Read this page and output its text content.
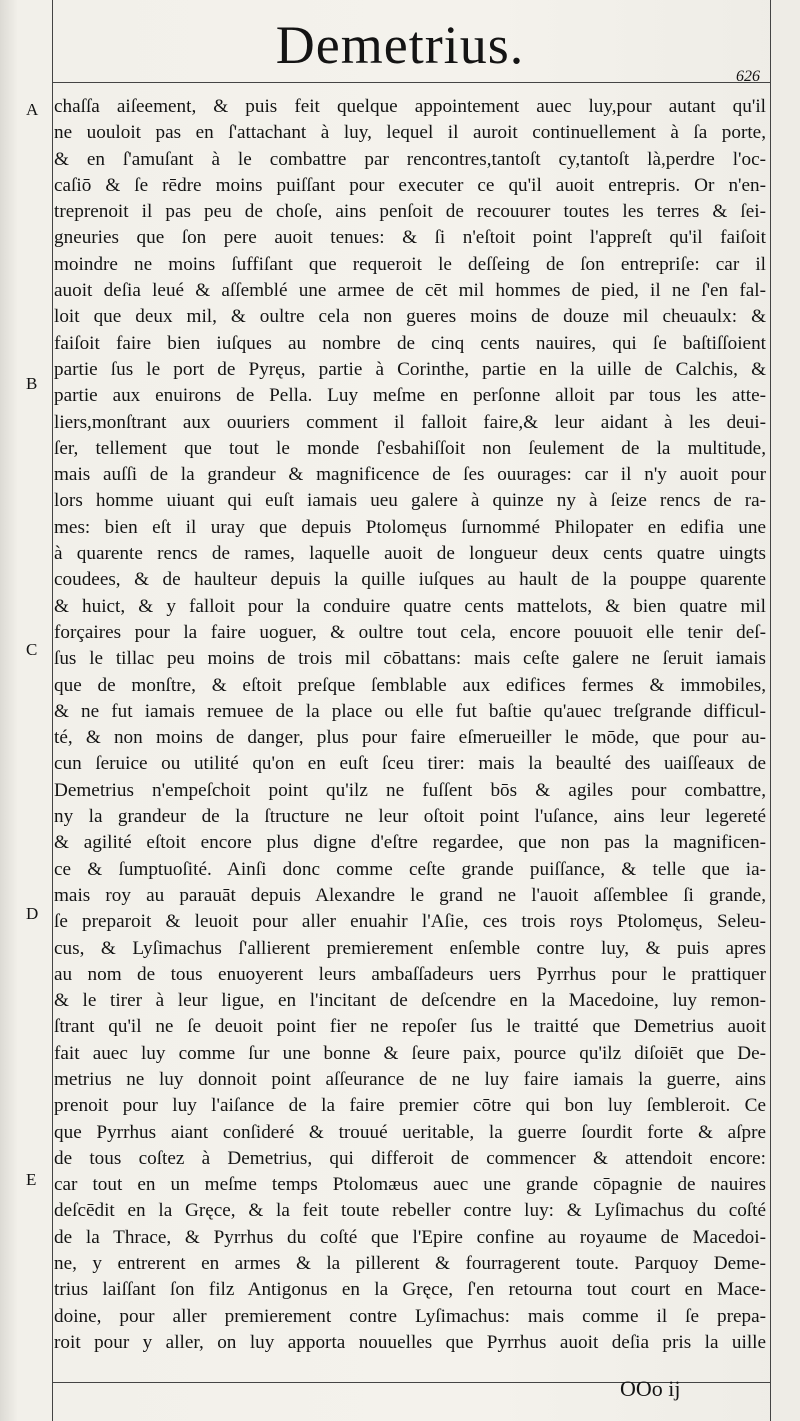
Demetrius.
626
A
B
C
D
E
chaſſa aiſeement, & puis feit quelque appointement auec luy,pour autant qu'il
ne uouloit pas en ſ'attachant à luy, lequel il auroit continuellement à ſa porte,
& en ſ'amuſant à le combattre par rencontres,tantoſt cy,tantoſt là,perdre l'oc-
caſiō & ſe rēdre moins puiſſant pour executer ce qu'il auoit entrepris. Or n'en-
treprenoit il pas peu de choſe, ains penſoit de recouurer toutes les terres & ſei-
gneuries que ſon pere auoit tenues: & ſi n'eſtoit point l'appreſt qu'il faiſoit
moindre ne moins ſuffiſant que requeroit le deſſeing de ſon entrepriſe: car il
auoit deſia leué & aſſemblé une armee de cēt mil hommes de pied, il ne ſ'en fal-
loit que deux mil, & oultre cela non gueres moins de douze mil cheuaulx: &
faiſoit faire bien iuſques au nombre de cinq cents nauires, qui ſe baſtiſſoient
partie ſus le port de Pyręus, partie à Corinthe, partie en la uille de Calchis, &
partie aux enuirons de Pella. Luy meſme en perſonne alloit par tous les atte-
liers,monſtrant aux ouuriers comment il falloit faire,& leur aidant à les deui-
ſer, tellement que tout le monde ſ'esbahiſſoit non ſeulement de la multitude,
mais auſſi de la grandeur & magnificence de ſes ouurages: car il n'y auoit pour
lors homme uiuant qui euſt iamais ueu galere à quinze ny à ſeize rencs de ra-
mes: bien eſt il uray que depuis Ptolomęus ſurnommé Philopater en edifia une
à quarente rencs de rames, laquelle auoit de longueur deux cents quatre uingts
coudees, & de haulteur depuis la quille iuſques au hault de la pouppe quarente
& huict, & y falloit pour la conduire quatre cents mattelots, & bien quatre mil
forçaires pour la faire uoguer, & oultre tout cela, encore pouuoit elle tenir deſ-
ſus le tillac peu moins de trois mil cōbattans: mais ceſte galere ne ſeruit iamais
que de monſtre, & eſtoit preſque ſemblable aux edifices fermes & immobiles,
& ne fut iamais remuee de la place ou elle fut baſtie qu'auec treſgrande difficul-
té, & non moins de danger, plus pour faire eſmerueiller le mōde, que pour au-
cun ſeruice ou utilité qu'on en euſt ſceu tirer: mais la beaulté des uaiſſeaux de
Demetrius n'empeſchoit point qu'ilz ne fuſſent bōs & agiles pour combattre,
ny la grandeur de la ſtructure ne leur oſtoit point l'uſance, ains leur legereté
& agilité eſtoit encore plus digne d'eſtre regardee, que non pas la magnificen-
ce & ſumptuoſité. Ainſi donc comme ceſte grande puiſſance, & telle que ia-
mais roy au parauāt depuis Alexandre le grand ne l'auoit aſſemblee ſi grande,
ſe preparoit & leuoit pour aller enuahir l'Aſie, ces trois roys Ptolomęus, Seleu-
cus, & Lyſimachus ſ'allierent premierement enſemble contre luy, & puis apres
au nom de tous enuoyerent leurs ambaſſadeurs uers Pyrrhus pour le prattiquer
& le tirer à leur ligue, en l'incitant de deſcendre en la Macedoine, luy remon-
ſtrant qu'il ne ſe deuoit point fier ne repoſer ſus le traitté que Demetrius auoit
fait auec luy comme ſur une bonne & ſeure paix, pource qu'ilz diſoiēt que De-
metrius ne luy donnoit point aſſeurance de ne luy faire iamais la guerre, ains
prenoit pour luy l'aiſance de la faire premier cōtre qui bon luy ſembleroit. Ce
que Pyrrhus aiant conſideré & trouué ueritable, la guerre ſourdit forte & aſpre
de tous coſtez à Demetrius, qui differoit de commencer & attendoit encore:
car tout en un meſme temps Ptolomæus auec une grande cōpagnie de nauires
deſcēdit en la Gręce, & la feit toute rebeller contre luy: & Lyſimachus du coſté
de la Thrace, & Pyrrhus du coſté que l'Epire confine au royaume de Macedoi-
ne, y entrerent en armes & la pillerent & fourragerent toute. Parquoy Deme-
trius laiſſant ſon filz Antigonus en la Gręce, ſ'en retourna tout court en Mace-
doine, pour aller premierement contre Lyſimachus: mais comme il ſe prepa-
roit pour y aller, on luy apporta nouuelles que Pyrrhus auoit deſia pris la uille
OOo ij
